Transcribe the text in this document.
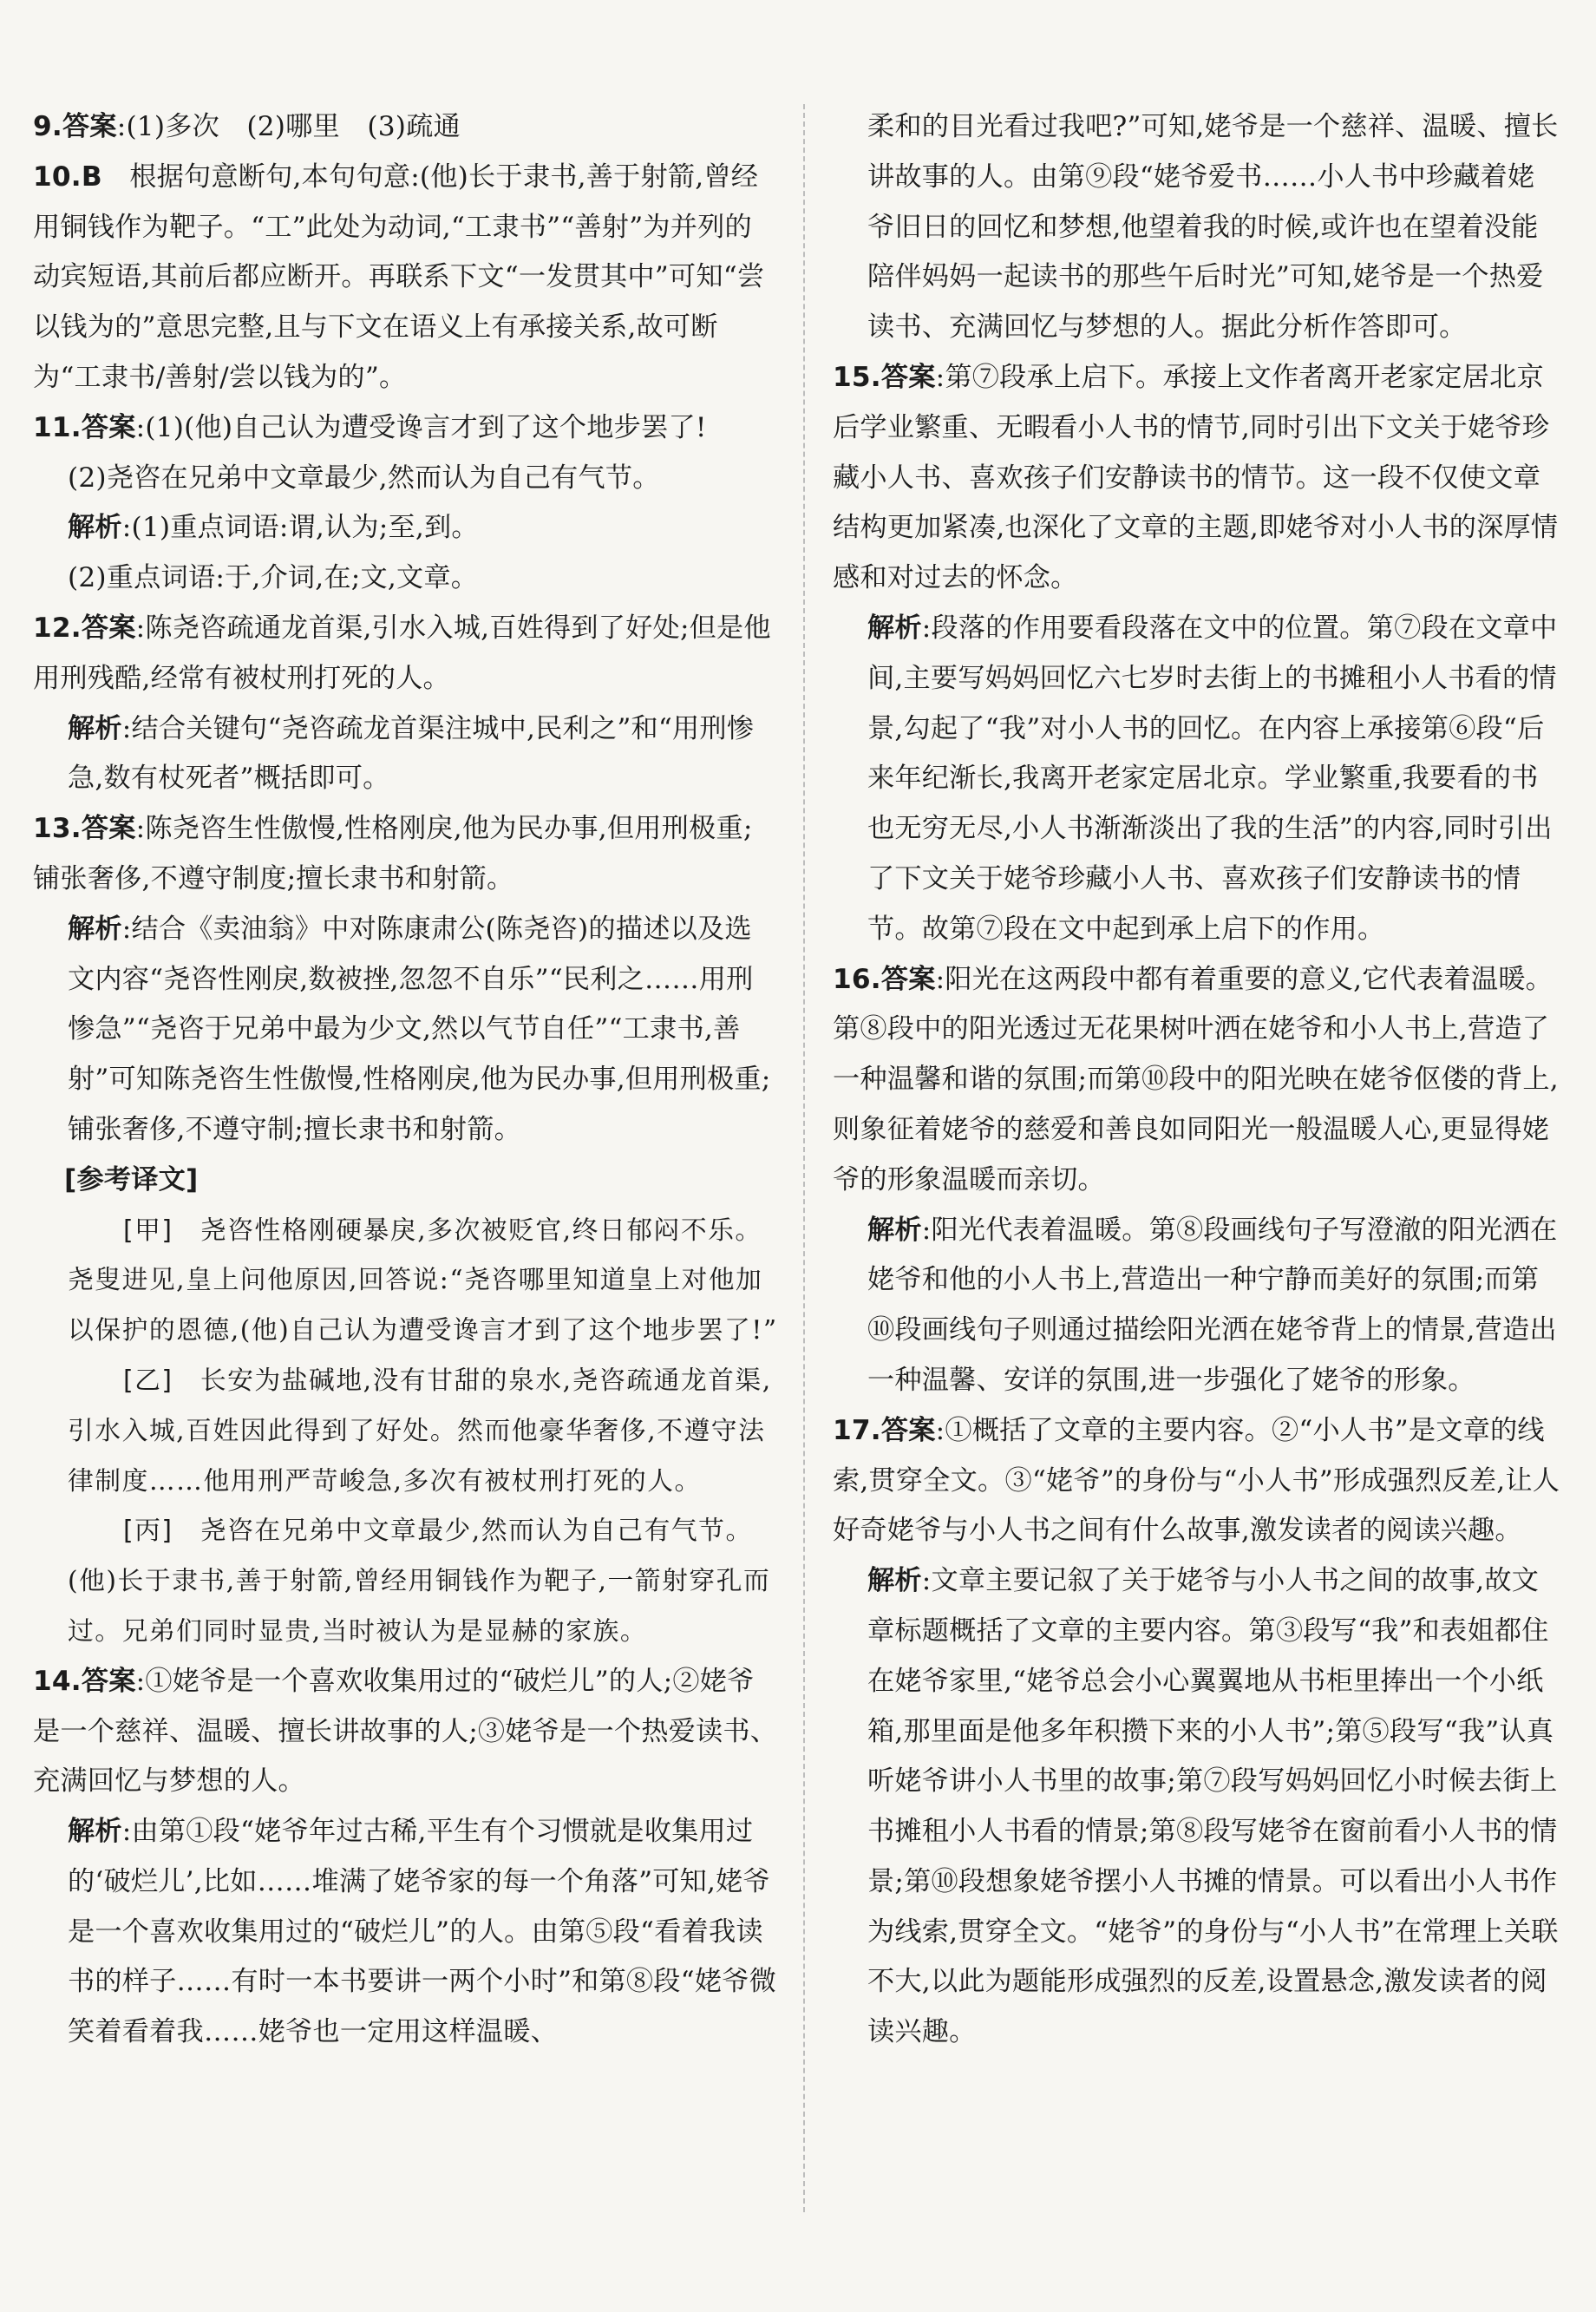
9.答案:(1)多次　(2)哪里　(3)疏通

10.B　根据句意断句,本句句意:(他)长于隶书,善于射箭,曾经用铜钱作为靶子。“工”此处为动词,“工隶书”“善射”为并列的动宾短语,其前后都应断开。再联系下文“一发贯其中”可知“尝以钱为的”意思完整,且与下文在语义上有承接关系,故可断为“工隶书/善射/尝以钱为的”。

11.答案:(1)(他)自己认为遭受谗言才到了这个地步罢了!

(2)尧咨在兄弟中文章最少,然而认为自己有气节。

解析:(1)重点词语:谓,认为;至,到。

(2)重点词语:于,介词,在;文,文章。

12.答案:陈尧咨疏通龙首渠,引水入城,百姓得到了好处;但是他用刑残酷,经常有被杖刑打死的人。

解析:结合关键句“尧咨疏龙首渠注城中,民利之”和“用刑惨急,数有杖死者”概括即可。

13.答案:陈尧咨生性傲慢,性格刚戾,他为民办事,但用刑极重;铺张奢侈,不遵守制度;擅长隶书和射箭。

解析:结合《卖油翁》中对陈康肃公(陈尧咨)的描述以及选文内容“尧咨性刚戾,数被挫,忽忽不自乐”“民利之……用刑惨急”“尧咨于兄弟中最为少文,然以气节自任”“工隶书,善射”可知陈尧咨生性傲慢,性格刚戾,他为民办事,但用刑极重;铺张奢侈,不遵守制;擅长隶书和射箭。

[参考译文]

[甲]　尧咨性格刚硬暴戾,多次被贬官,终日郁闷不乐。尧叟进见,皇上问他原因,回答说:“尧咨哪里知道皇上对他加以保护的恩德,(他)自己认为遭受谗言才到了这个地步罢了!”

[乙]　长安为盐碱地,没有甘甜的泉水,尧咨疏通龙首渠,引水入城,百姓因此得到了好处。然而他豪华奢侈,不遵守法律制度……他用刑严苛峻急,多次有被杖刑打死的人。

[丙]　尧咨在兄弟中文章最少,然而认为自己有气节。(他)长于隶书,善于射箭,曾经用铜钱作为靶子,一箭射穿孔而过。兄弟们同时显贵,当时被认为是显赫的家族。

14.答案:①姥爷是一个喜欢收集用过的“破烂儿”的人;②姥爷是一个慈祥、温暖、擅长讲故事的人;③姥爷是一个热爱读书、充满回忆与梦想的人。

解析:由第①段“姥爷年过古稀,平生有个习惯就是收集用过的‘破烂儿’,比如……堆满了姥爷家的每一个角落”可知,姥爷是一个喜欢收集用过的“破烂儿”的人。由第⑤段“看着我读书的样子……有时一本书要讲一两个小时”和第⑧段“姥爷微笑着看着我……姥爷也一定用这样温暖、

柔和的目光看过我吧?”可知,姥爷是一个慈祥、温暖、擅长讲故事的人。由第⑨段“姥爷爱书……小人书中珍藏着姥爷旧日的回忆和梦想,他望着我的时候,或许也在望着没能陪伴妈妈一起读书的那些午后时光”可知,姥爷是一个热爱读书、充满回忆与梦想的人。据此分析作答即可。

15.答案:第⑦段承上启下。承接上文作者离开老家定居北京后学业繁重、无暇看小人书的情节,同时引出下文关于姥爷珍藏小人书、喜欢孩子们安静读书的情节。这一段不仅使文章结构更加紧凑,也深化了文章的主题,即姥爷对小人书的深厚情感和对过去的怀念。

解析:段落的作用要看段落在文中的位置。第⑦段在文章中间,主要写妈妈回忆六七岁时去街上的书摊租小人书看的情景,勾起了“我”对小人书的回忆。在内容上承接第⑥段“后来年纪渐长,我离开老家定居北京。学业繁重,我要看的书也无穷无尽,小人书渐渐淡出了我的生活”的内容,同时引出了下文关于姥爷珍藏小人书、喜欢孩子们安静读书的情节。故第⑦段在文中起到承上启下的作用。

16.答案:阳光在这两段中都有着重要的意义,它代表着温暖。第⑧段中的阳光透过无花果树叶洒在姥爷和小人书上,营造了一种温馨和谐的氛围;而第⑩段中的阳光映在姥爷伛偻的背上,则象征着姥爷的慈爱和善良如同阳光一般温暖人心,更显得姥爷的形象温暖而亲切。

解析:阳光代表着温暖。第⑧段画线句子写澄澈的阳光洒在姥爷和他的小人书上,营造出一种宁静而美好的氛围;而第⑩段画线句子则通过描绘阳光洒在姥爷背上的情景,营造出一种温馨、安详的氛围,进一步强化了姥爷的形象。

17.答案:①概括了文章的主要内容。②“小人书”是文章的线索,贯穿全文。③“姥爷”的身份与“小人书”形成强烈反差,让人好奇姥爷与小人书之间有什么故事,激发读者的阅读兴趣。

解析:文章主要记叙了关于姥爷与小人书之间的故事,故文章标题概括了文章的主要内容。第③段写“我”和表姐都住在姥爷家里,“姥爷总会小心翼翼地从书柜里捧出一个小纸箱,那里面是他多年积攒下来的小人书”;第⑤段写“我”认真听姥爷讲小人书里的故事;第⑦段写妈妈回忆小时候去街上书摊租小人书看的情景;第⑧段写姥爷在窗前看小人书的情景;第⑩段想象姥爷摆小人书摊的情景。可以看出小人书作为线索,贯穿全文。“姥爷”的身份与“小人书”在常理上关联不大,以此为题能形成强烈的反差,设置悬念,激发读者的阅读兴趣。
